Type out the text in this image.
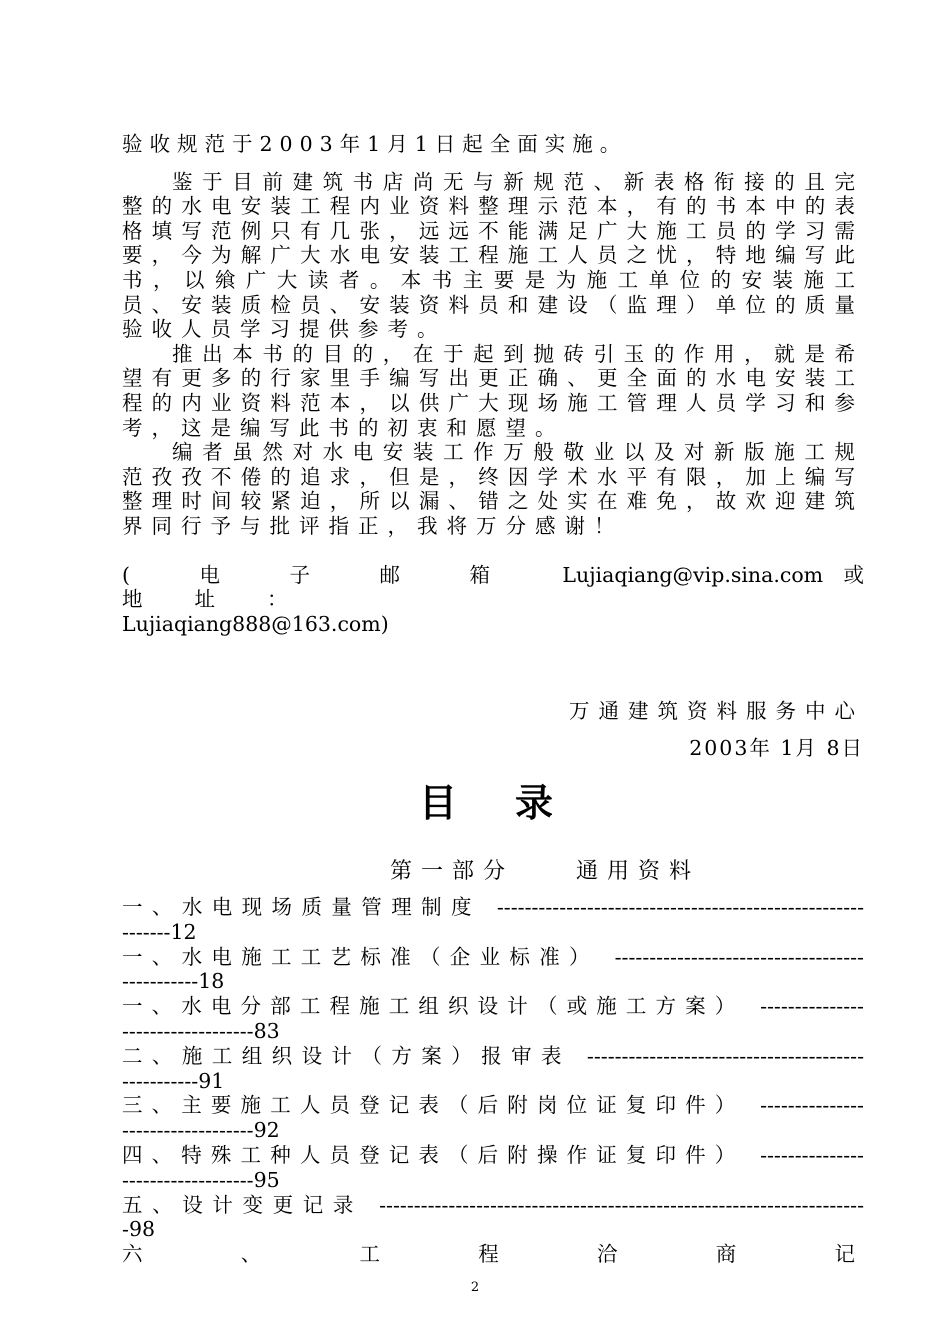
验收规范于2003年1月1日起全面实施。
鉴于目前建筑书店尚无与新规范、新表格衔接的且完整的水电安装工程内业资料整理示范本，有的书本中的表格填写范例只有几张，远远不能满足广大施工员的学习需要，今为解广大水电安装工程施工人员之忧，特地编写此书，以飨广大读者。本书主要是为施工单位的安装施工员、安装质检员、安装资料员和建设（监理）单位的质量验收人员学习提供参考。
推出本书的目的，在于起到抛砖引玉的作用，就是希望有更多的行家里手编写出更正确、更全面的水电安装工程的内业资料范本，以供广大现场施工管理人员学习和参考，这是编写此书的初衷和愿望。
编者虽然对水电安装工作万般敬业以及对新版施工规范孜孜不倦的追求，但是，终因学术水平有限，加上编写整理时间较紧迫，所以漏、错之处实在难免，故欢迎建筑界同行予与批评指正，我将万分感谢！
(电子邮箱地址：
Lujiaqiang@vip.sina.com 或
Lujiaqiang888@163.com)
万通建筑资料服务中心
2003年 1月 8日
目录
第一部分　　通用资料
一、水电现场质量管理制度 ------------------------------------------------------------12
一、水电施工工艺标准（企业标准） -----------------------------------------------18
一、水电分部工程施工组织设计（或施工方案） ----------------------------------83
二、施工组织设计（方案）报审表 ---------------------------------------------------91
三、主要施工人员登记表（后附岗位证复印件） ----------------------------------92
四、特殊工种人员登记表（后附操作证复印件） ----------------------------------95
五、设计变更记录 -----------------------------------------------------------------------98
六、工程洽商记
2
